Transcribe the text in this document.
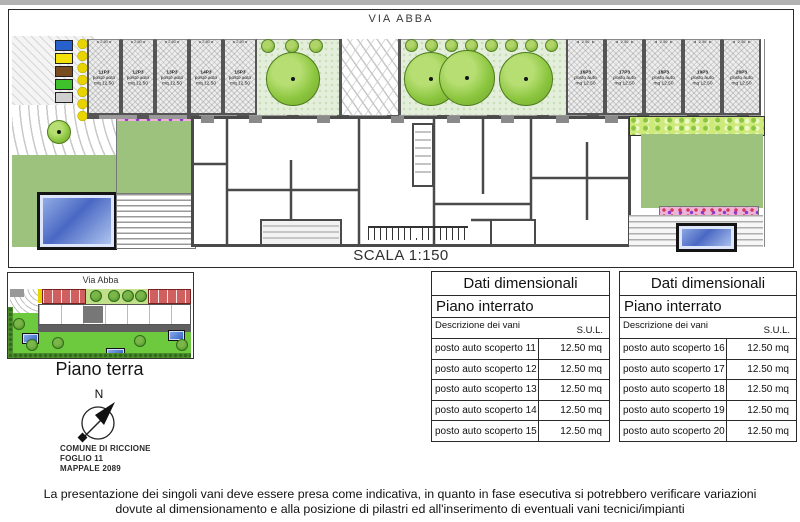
VIA ABBA
◂ 2.50 ▸
11P3
posto auto
mq 12.50
◂ 2.50 ▸
12P3
posto auto
mq 12.50
◂ 2.50 ▸
13P3
posto auto
mq 12.50
◂ 2.50 ▸
14P3
posto auto
mq 12.50
◂ 2.50 ▸
15P3
posto auto
mq 12.50
◂ 2.50 ▸
16P3
posto auto
mq 12.50
◂ 2.50 ▸
17P3
posto auto
mq 12.50
◂ 2.50 ▸
18P3
posto auto
mq 12.50
◂ 2.50 ▸
19P3
posto auto
mq 12.50
◂ 2.50 ▸
20P3
posto auto
mq 12.50
SCALA 1:150
Via Abba
Piano terra
N
COMUNE DI RICCIONE
FOGLIO 11
MAPPALE 2089
Dati dimensionali
Piano interrato
Descrizione dei vani	S.U.L.
posto auto scoperto 11	12.50 mq
posto auto scoperto 12	12.50 mq
posto auto scoperto 13	12.50 mq
posto auto scoperto 14	12.50 mq
posto auto scoperto 15	12.50 mq
Dati dimensionali
Piano interrato
Descrizione dei vani	S.U.L.
posto auto scoperto 16	12.50 mq
posto auto scoperto 17	12.50 mq
posto auto scoperto 18	12.50 mq
posto auto scoperto 19	12.50 mq
posto auto scoperto 20	12.50 mq
La presentazione dei singoli vani deve essere presa come indicativa, in quanto in fase esecutiva si potrebbero verificare variazioni
dovute al dimensionamento e alla posizione di pilastri ed all'inserimento di eventuali vani tecnici/impianti
